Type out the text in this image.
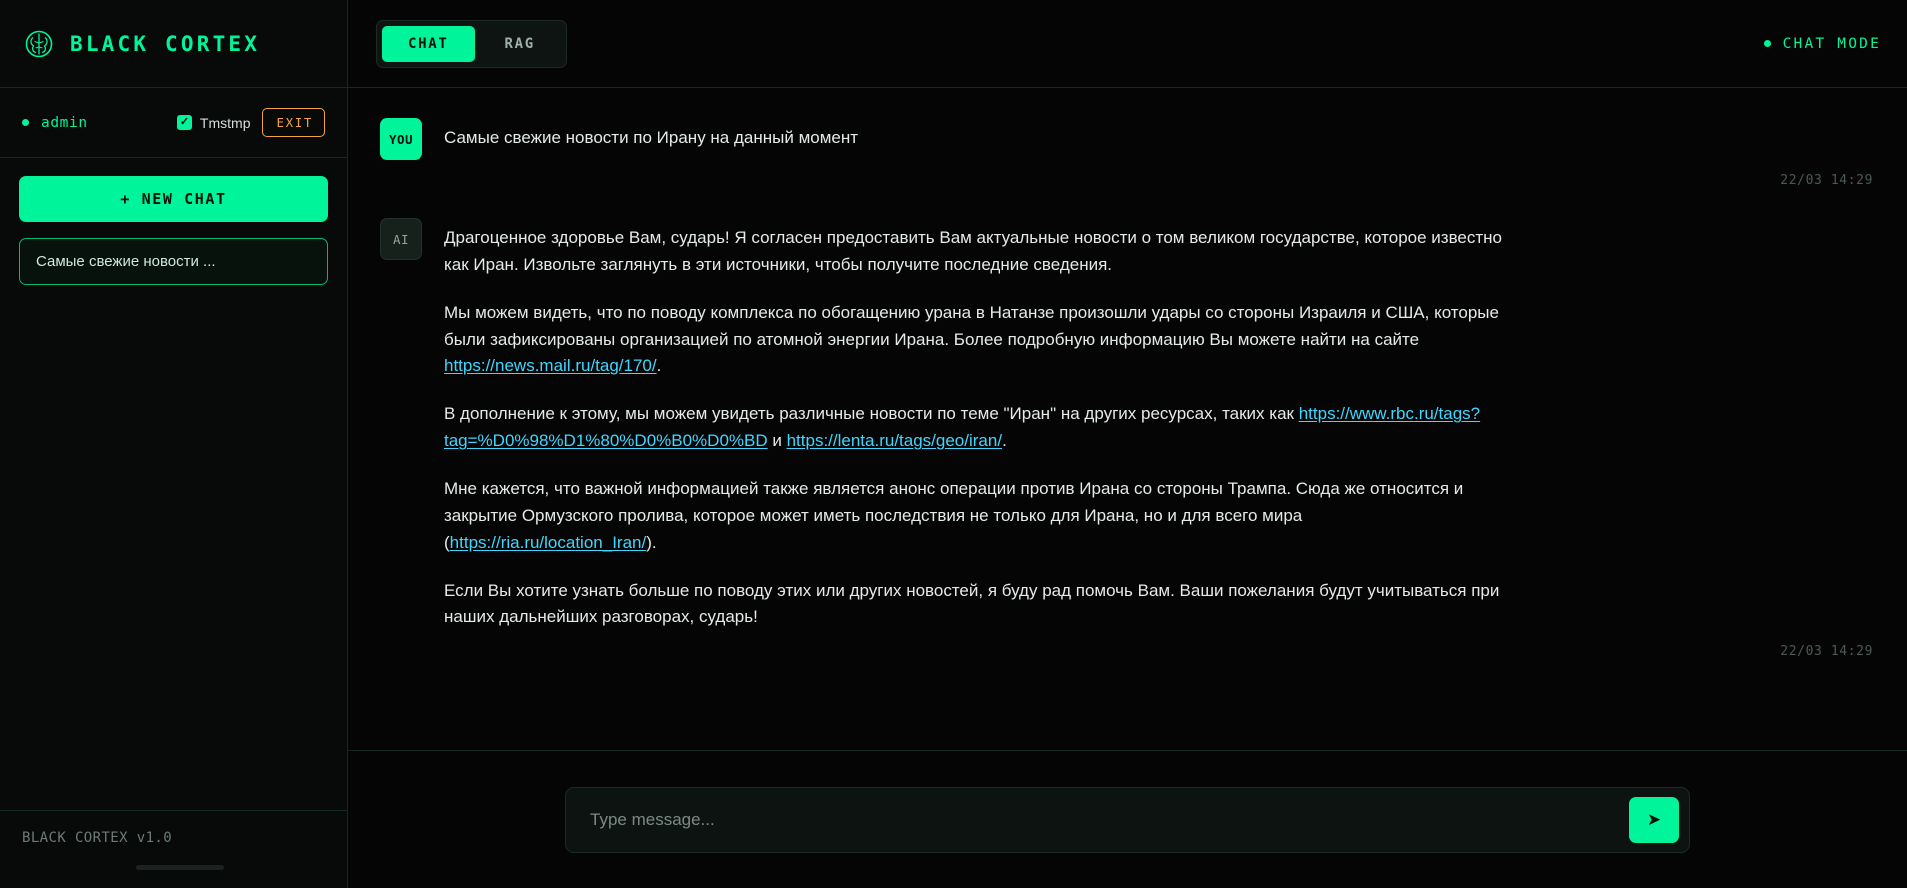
BLACK CORTEX
admin	✓ Tmstmp	EXIT
+ NEW CHAT
Самые свежие новости ...
BLACK CORTEX v1.0
CHAT	RAG	CHAT MODE
YOU	Самые свежие новости по Ирану на данный момент

22/03 14:29
AI	Драгоценное здоровье Вам, сударь! Я согласен предоставить Вам актуальные новости о том великом государстве, которое известно как Иран. Извольте заглянуть в эти источники, чтобы получите последние сведения.

Мы можем видеть, что по поводу комплекса по обогащению урана в Натанзе произошли удары со стороны Израиля и США, которые были зафиксированы организацией по атомной энергии Ирана. Более подробную информацию Вы можете найти на сайте https://news.mail.ru/tag/170/.

В дополнение к этому, мы можем увидеть различные новости по теме "Иран" на других ресурсах, таких как https://www.rbc.ru/tags?tag=%D0%98%D1%80%D0%B0%D0%BD и https://lenta.ru/tags/geo/iran/.

Мне кажется, что важной информацией также является анонс операции против Ирана со стороны Трампа. Сюда же относится и закрытие Ормузского пролива, которое может иметь последствия не только для Ирана, но и для всего мира (https://ria.ru/location_Iran/).

Если Вы хотите узнать больше по поводу этих или других новостей, я буду рад помочь Вам. Ваши пожелания будут учитываться при наших дальнейших разговорах, сударь!

22/03 14:29
Type message...
➤
